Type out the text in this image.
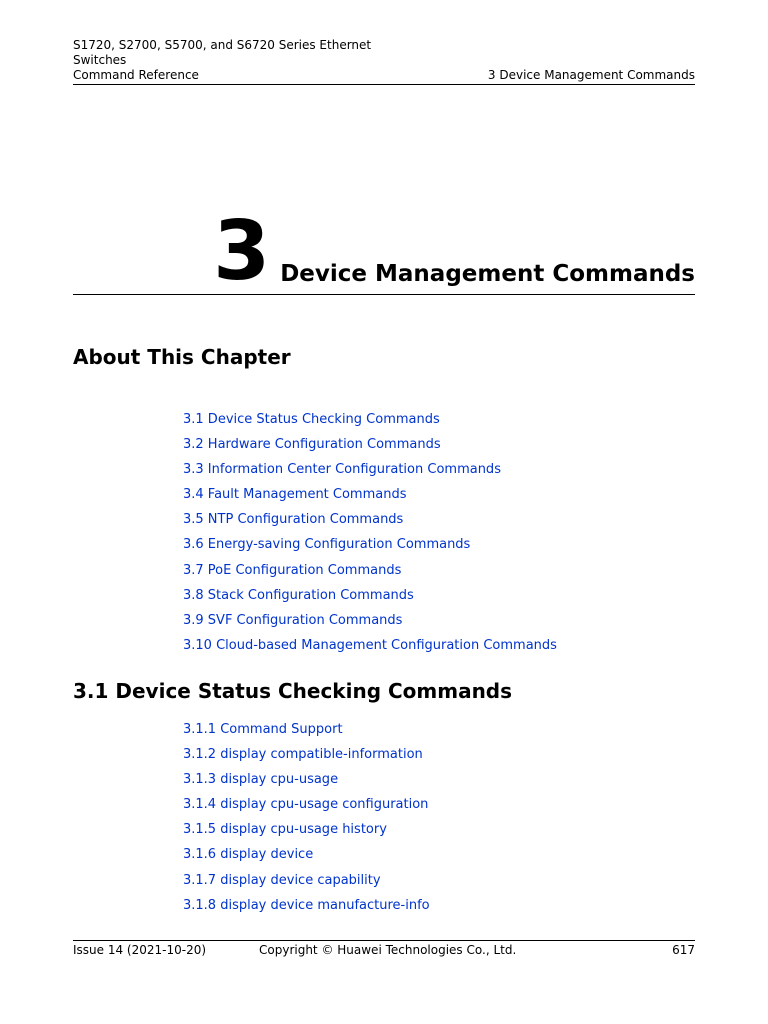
S1720, S2700, S5700, and S6720 Series Ethernet
Switches
Command Reference	3 Device Management Commands
3 Device Management Commands
About This Chapter
3.1 Device Status Checking Commands
3.2 Hardware Configuration Commands
3.3 Information Center Configuration Commands
3.4 Fault Management Commands
3.5 NTP Configuration Commands
3.6 Energy-saving Configuration Commands
3.7 PoE Configuration Commands
3.8 Stack Configuration Commands
3.9 SVF Configuration Commands
3.10 Cloud-based Management Configuration Commands
3.1 Device Status Checking Commands
3.1.1 Command Support
3.1.2 display compatible-information
3.1.3 display cpu-usage
3.1.4 display cpu-usage configuration
3.1.5 display cpu-usage history
3.1.6 display device
3.1.7 display device capability
3.1.8 display device manufacture-info
Issue 14 (2021-10-20)	Copyright © Huawei Technologies Co., Ltd.	617
